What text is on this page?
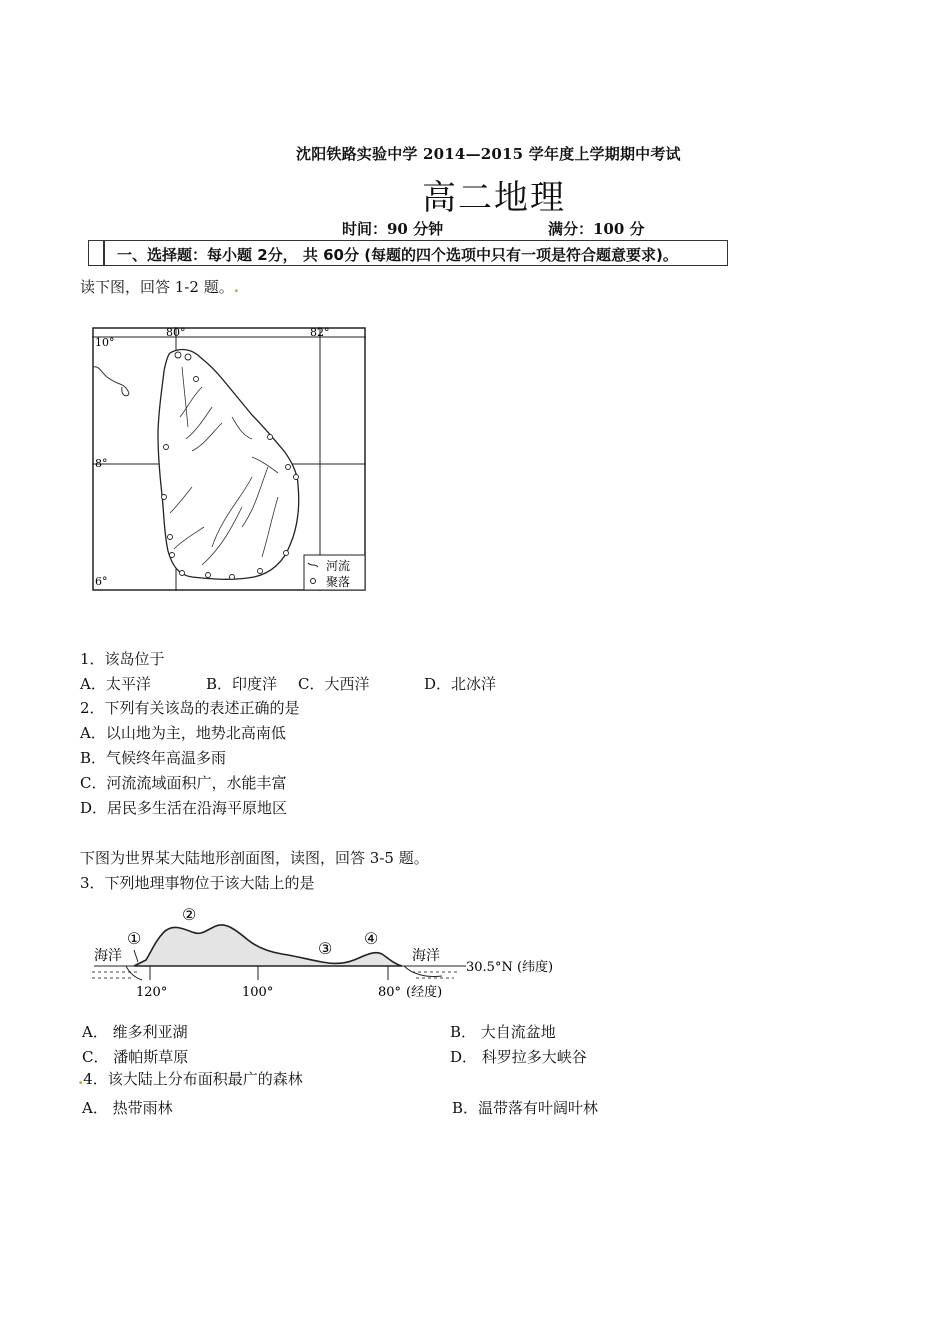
沈阳铁路实验中学 2014—2015 学年度上学期期中考试
高二地理
时间：90 分钟	满分：100 分
一、选择题：每小题 2分， 共 60分 (每题的四个选项中只有一项是符合题意要求)。
读下图，回答 1-2 题。.
80°	82°
10°
8°
6°
河流
聚落
1．该岛位于
A．太平洋	B．印度洋 C．大西洋	D．北冰洋
2．下列有关该岛的表述正确的是
A．以山地为主，地势北高南低
B．气候终年高温多雨
C．河流流域面积广，水能丰富
D．居民多生活在沿海平原地区
下图为世界某大陆地形剖面图，读图，回答 3-5 题。
3．下列地理事物位于该大陆上的是
①
②
③
④
海洋	海洋
30.5°N (纬度)
120°	100°	80° (经度)
A． 维多利亚湖	B． 大自流盆地
C． 潘帕斯草原	D． 科罗拉多大峡谷
.4．该大陆上分布面积最广的森林
A． 热带雨林	B．温带落有叶阔叶林
